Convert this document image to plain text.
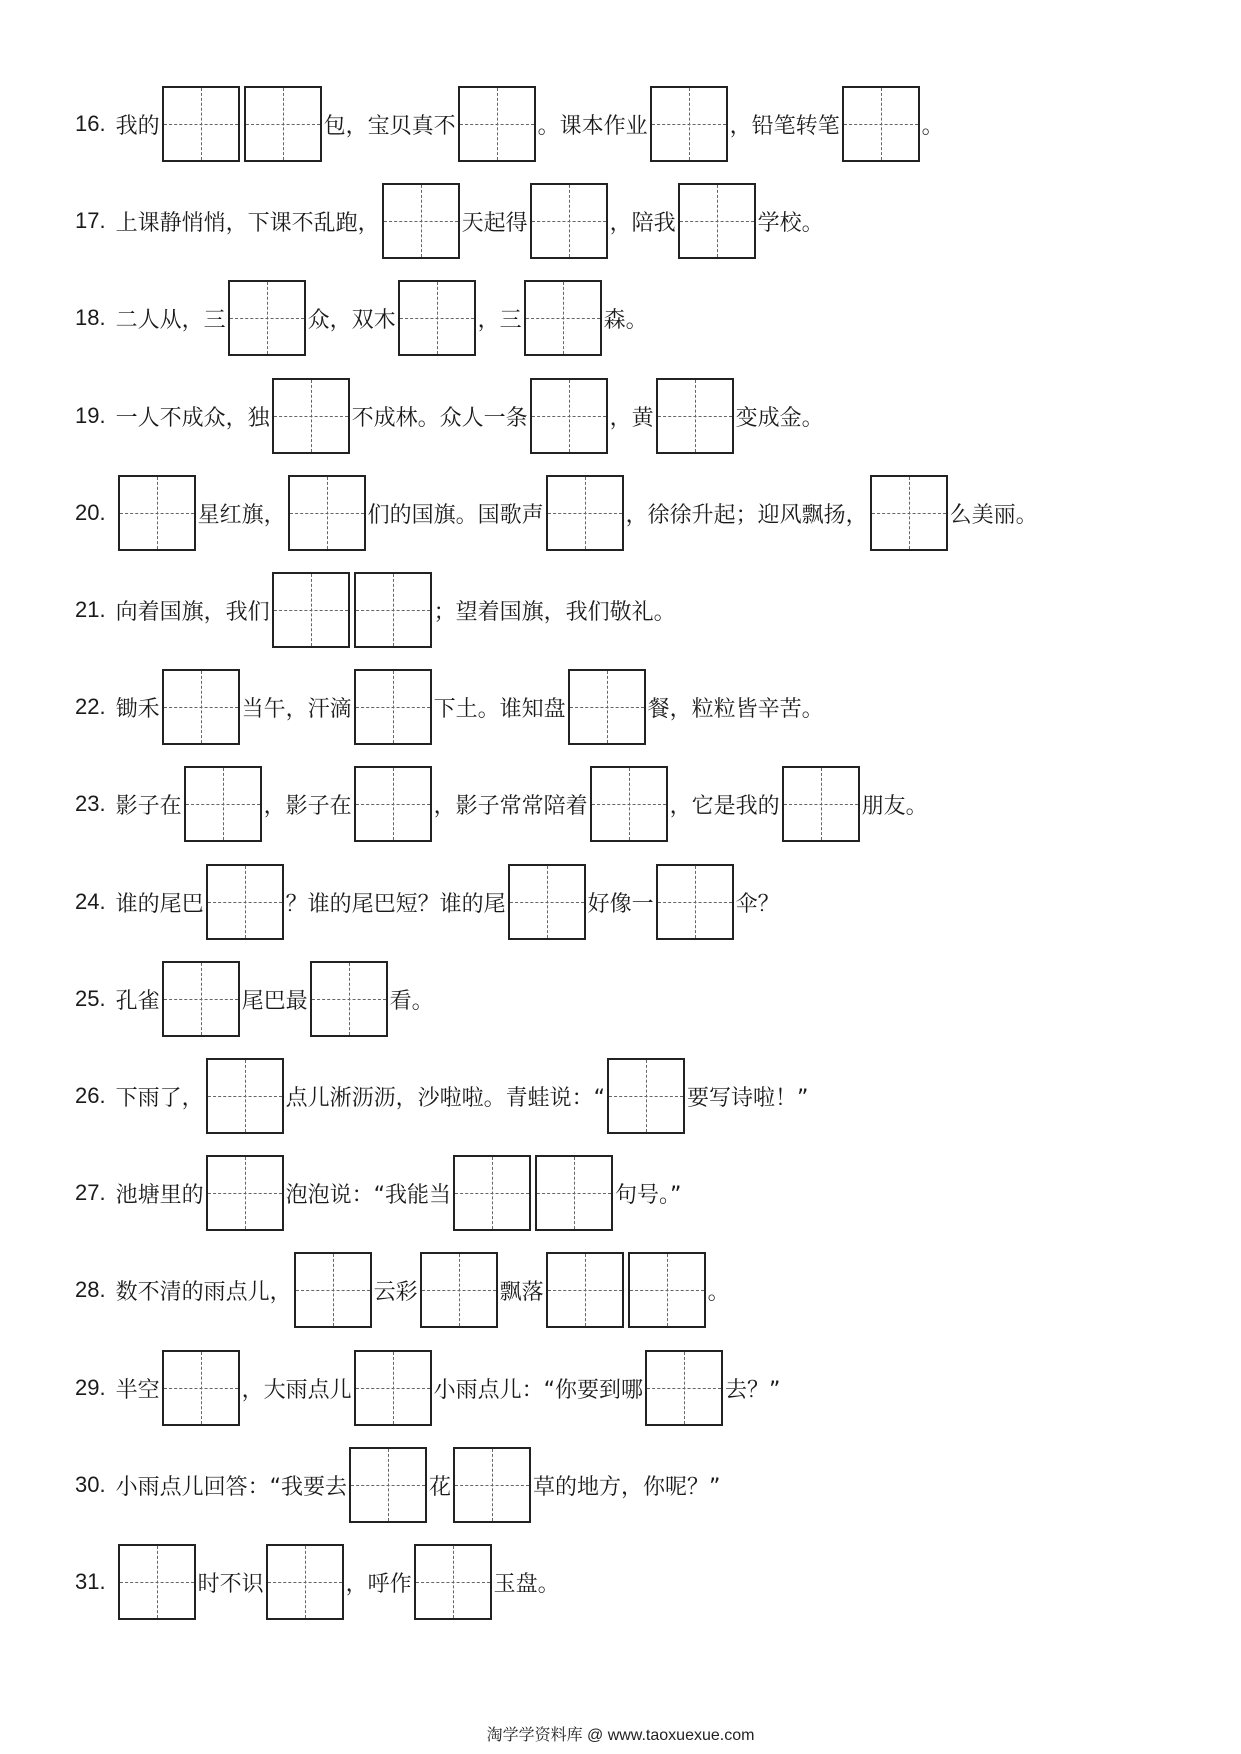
16. 我的	包，宝贝真不	。课本作业	，铅笔转笔	。
17. 上课静悄悄，下课不乱跑，	天起得	，陪我	学校。
18. 二人从，三	众，双木	，三	森。
19. 一人不成众，独	不成林。众人一条	，黄	变成金。
20.	星红旗，	们的国旗。国歌声	，徐徐升起；迎风飘扬，	么美丽。
21. 向着国旗，我们	；望着国旗，我们敬礼。
22. 锄禾	当午，汗滴	下土。谁知盘	餐，粒粒皆辛苦。
23. 影子在	，影子在	，影子常常陪着	，它是我的	朋友。
24. 谁的尾巴	？谁的尾巴短？谁的尾	好像一	伞？
25. 孔雀	尾巴最	看。
26. 下雨了，	点儿淅沥沥，沙啦啦。青蛙说：“	要写诗啦！”
27. 池塘里的	泡泡说：“我能当	句号。”
28. 数不清的雨点儿，	云彩	飘落	。
29. 半空	，大雨点儿	小雨点儿：“你要到哪	去？”
30. 小雨点儿回答：“我要去	花	草的地方，你呢？”
31.	时不识	，呼作	玉盘。
淘学学资料库 @ www.taoxuexue.com
